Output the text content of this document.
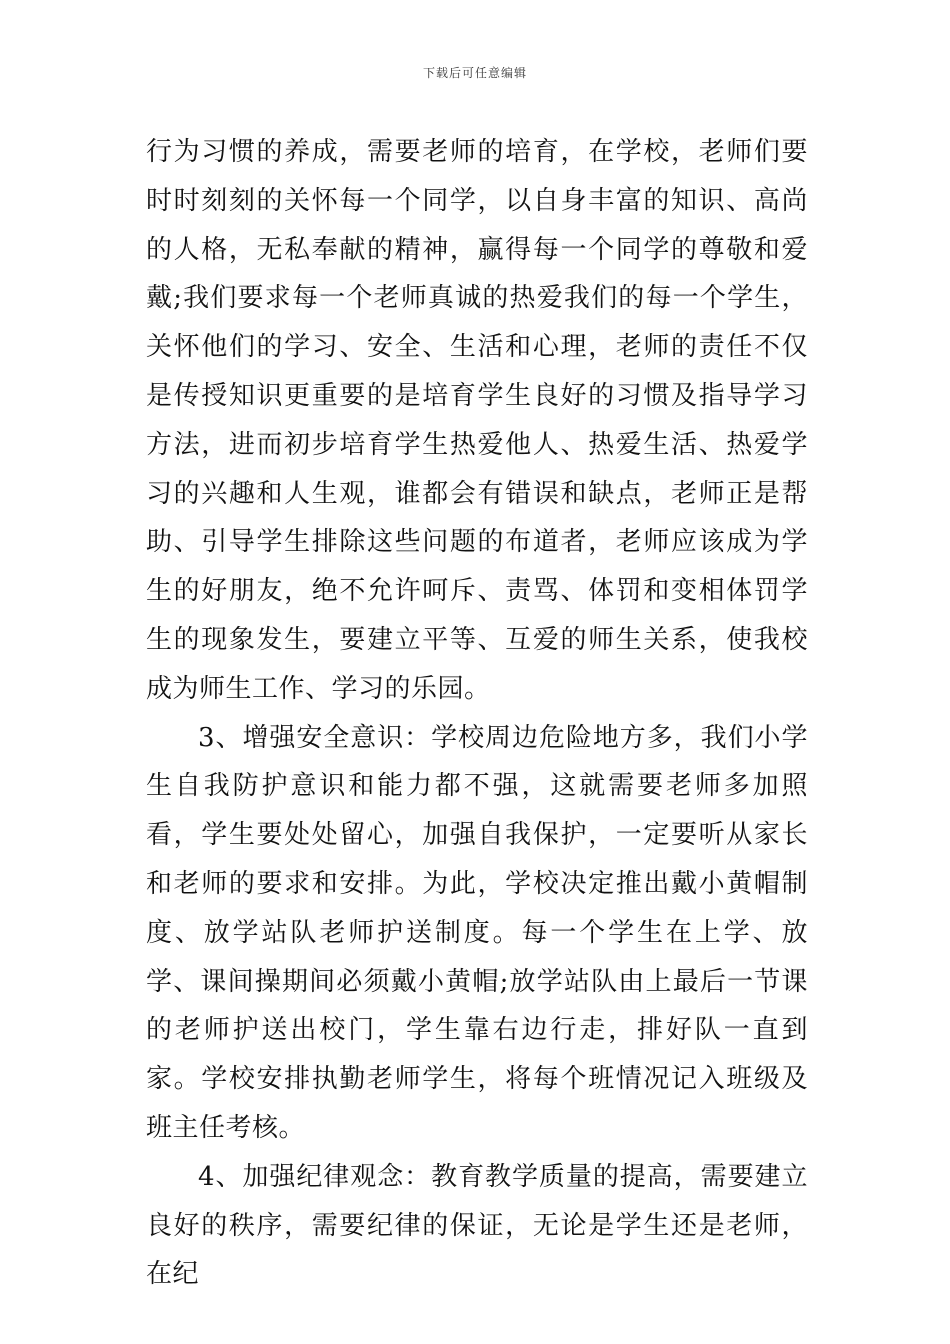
下载后可任意编辑

行为习惯的养成，需要老师的培育，在学校，老师们要时时刻刻的关怀每一个同学，以自身丰富的知识、高尚的人格，无私奉献的精神，赢得每一个同学的尊敬和爱戴;我们要求每一个老师真诚的热爱我们的每一个学生，关怀他们的学习、安全、生活和心理，老师的责任不仅是传授知识更重要的是培育学生良好的习惯及指导学习方法，进而初步培育学生热爱他人、热爱生活、热爱学习的兴趣和人生观，谁都会有错误和缺点，老师正是帮助、引导学生排除这些问题的布道者，老师应该成为学生的好朋友，绝不允许呵斥、责骂、体罚和变相体罚学生的现象发生，要建立平等、互爱的师生关系，使我校成为师生工作、学习的乐园。

3、增强安全意识：学校周边危险地方多，我们小学生自我防护意识和能力都不强，这就需要老师多加照看，学生要处处留心，加强自我保护，一定要听从家长和老师的要求和安排。为此，学校决定推出戴小黄帽制度、放学站队老师护送制度。每一个学生在上学、放学、课间操期间必须戴小黄帽;放学站队由上最后一节课的老师护送出校门，学生靠右边行走，排好队一直到家。学校安排执勤老师学生，将每个班情况记入班级及班主任考核。

4、加强纪律观念：教育教学质量的提高，需要建立良好的秩序，需要纪律的保证，无论是学生还是老师，在纪
